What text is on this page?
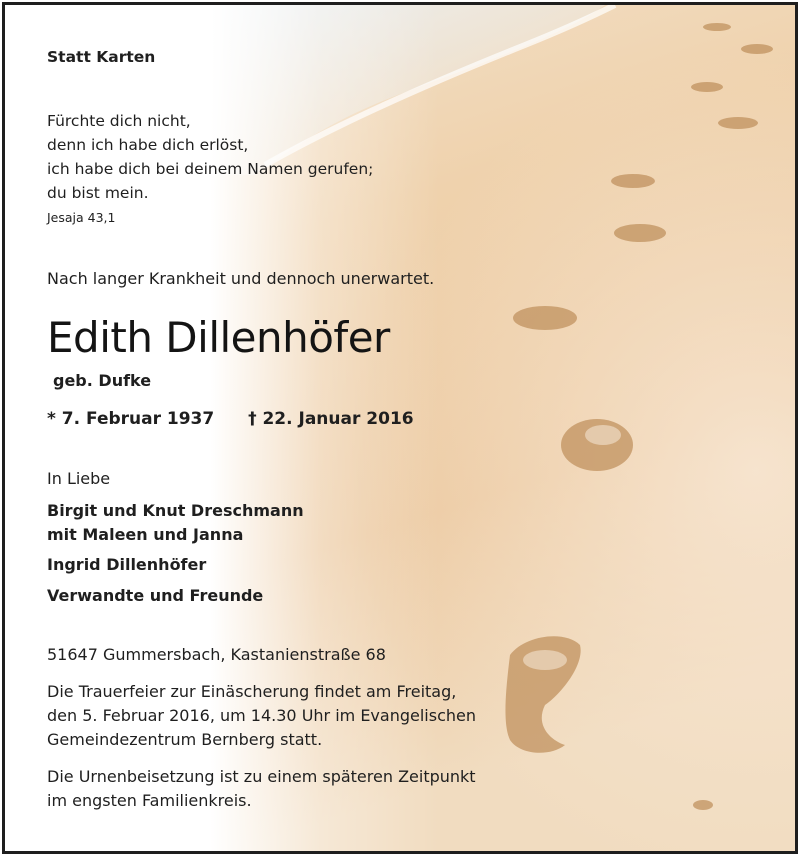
Statt Karten
Fürchte dich nicht,
denn ich habe dich erlöst,
ich habe dich bei deinem Namen gerufen;
du bist mein.
Jesaja 43,1
Nach langer Krankheit und dennoch unerwartet.
Edith Dillenhöfer
geb. Dufke
* 7. Februar 1937 † 22. Januar 2016
In Liebe
Birgit und Knut Dreschmann
mit Maleen und Janna
Ingrid Dillenhöfer
Verwandte und Freunde
51647 Gummersbach, Kastanienstraße 68
Die Trauerfeier zur Einäscherung findet am Freitag,
den 5. Februar 2016, um 14.30 Uhr im Evangelischen
Gemeindezentrum Bernberg statt.
Die Urnenbeisetzung ist zu einem späteren Zeitpunkt
im engsten Familienkreis.
